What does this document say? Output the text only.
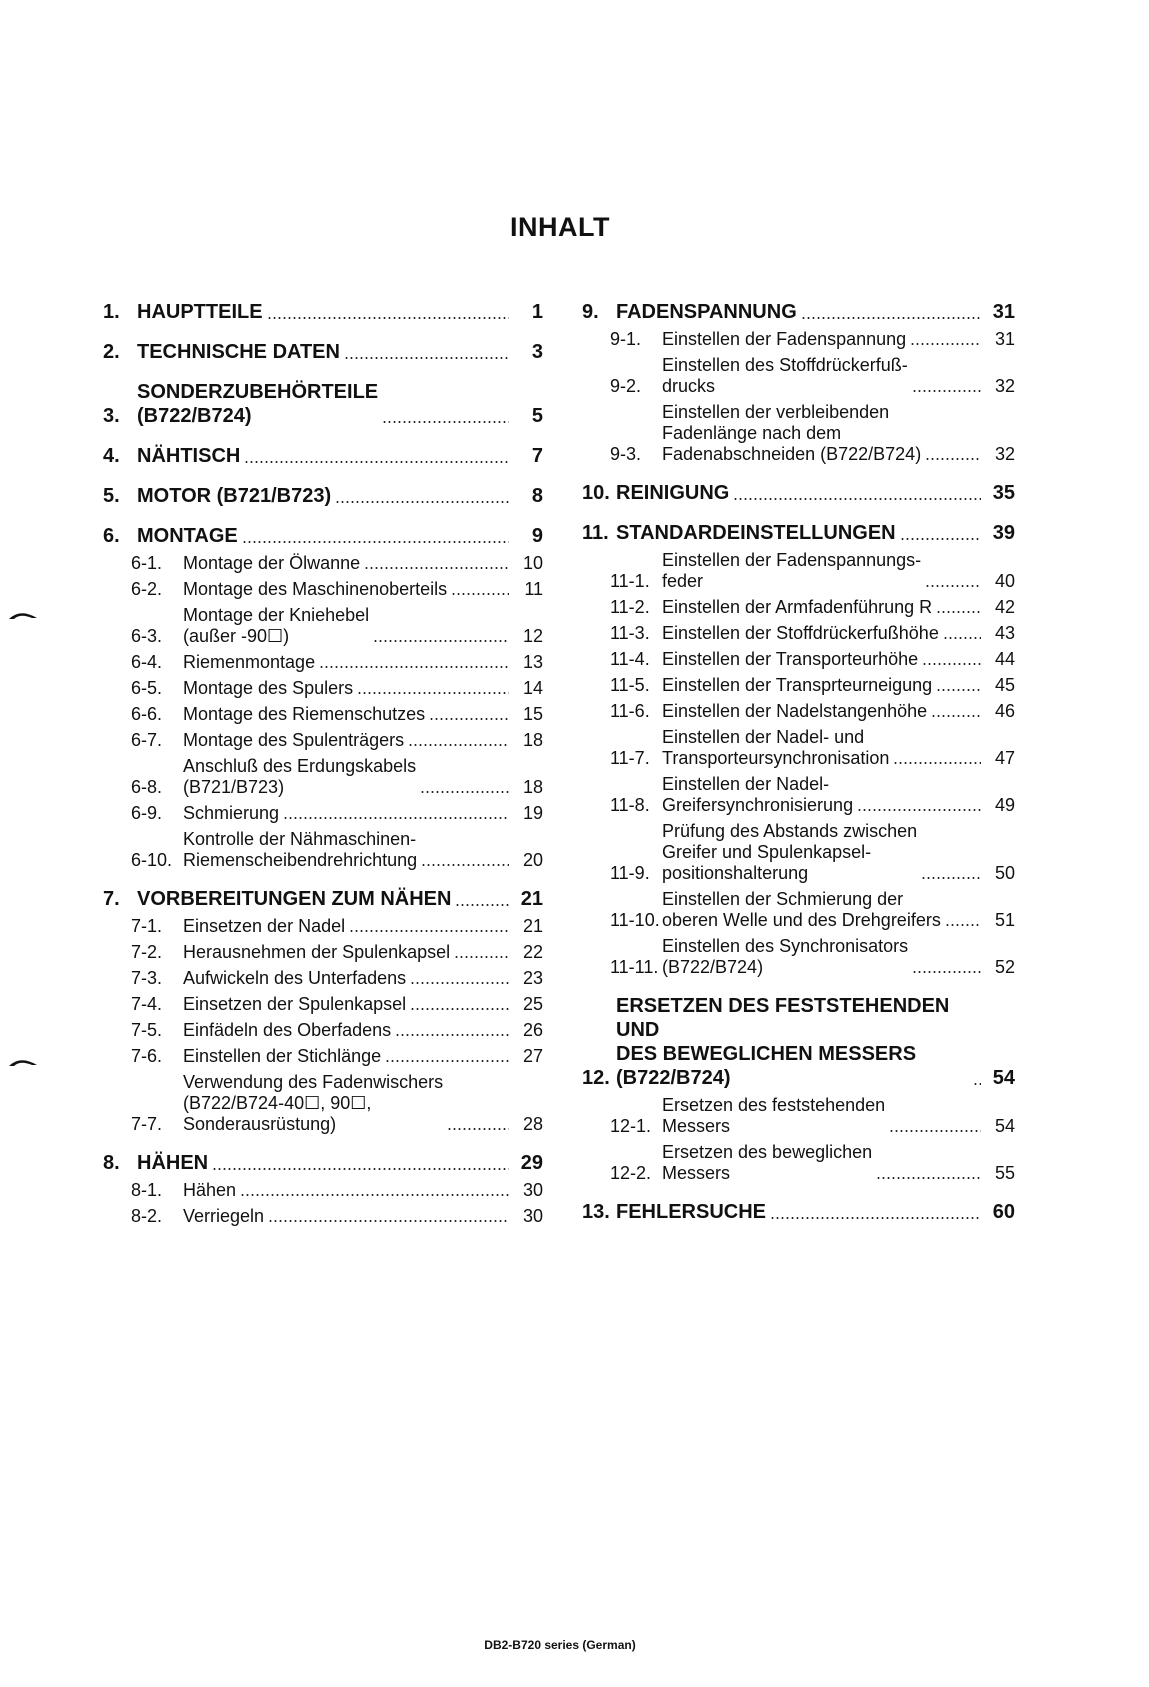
INHALT
1. HAUPTTEILE	1
2. TECHNISCHE DATEN	3
3.
SONDERZUBEHÖRTEILE
(B722/B724)	5
4. NÄHTISCH	7
5. MOTOR (B721/B723)	8
6. MONTAGE	9
6-1.	Montage der Ölwanne	10
6-2.	Montage des Maschinenoberteils	11
6-3.
Montage der Kniehebel
(außer -90☐)	12
6-4.	Riemenmontage	13
6-5.	Montage des Spulers	14
6-6.	Montage des Riemenschutzes	15
6-7.	Montage des Spulenträgers	18
6-8.
Anschluß des Erdungskabels
(B721/B723)	18
6-9.	Schmierung	19
6-10.
Kontrolle der Nähmaschinen-
Riemenscheibendrehrichtung	20
7. VORBEREITUNGEN ZUM NÄHEN	21
7-1.	Einsetzen der Nadel	21
7-2.	Herausnehmen der Spulenkapsel	22
7-3.	Aufwickeln des Unterfadens	23
7-4.	Einsetzen der Spulenkapsel	25
7-5.	Einfädeln des Oberfadens	26
7-6.	Einstellen der Stichlänge	27
7-7.
Verwendung des Fadenwischers
(B722/B724-40☐, 90☐,
Sonderausrüstung)	28
8. HÄHEN	29
8-1.	Hähen	30
8-2.	Verriegeln	30
9. FADENSPANNUNG	31
9-1.	Einstellen der Fadenspannung	31
9-2.
Einstellen des Stoffdrückerfuß-
drucks	32
9-3.
Einstellen der verbleibenden
Fadenlänge nach dem
Fadenabschneiden (B722/B724)	32
10. REINIGUNG	35
11. STANDARDEINSTELLUNGEN	39
11-1.
Einstellen der Fadenspannungs-
feder	40
11-2. Einstellen der Armfadenführung R	42
11-3. Einstellen der Stoffdrückerfußhöhe	43
11-4. Einstellen der Transporteurhöhe	44
11-5. Einstellen der Transprteurneigung	45
11-6. Einstellen der Nadelstangenhöhe	46
11-7.
Einstellen der Nadel- und
Transporteursynchronisation	47
11-8.
Einstellen der Nadel-
Greifersynchronisierung	49
11-9.
Prüfung des Abstands zwischen
Greifer und Spulenkapsel-
positionshalterung	50
11-10.
Einstellen der Schmierung der
oberen Welle und des Drehgreifers	51
11-11.
Einstellen des Synchronisators
(B722/B724)	52
12.
ERSETZEN DES FESTSTEHENDEN UND
DES BEWEGLICHEN MESSERS
(B722/B724)	54
12-1.
Ersetzen des feststehenden
Messers	54
12-2.
Ersetzen des beweglichen
Messers	55
13. FEHLERSUCHE	60
DB2-B720 series (German)
